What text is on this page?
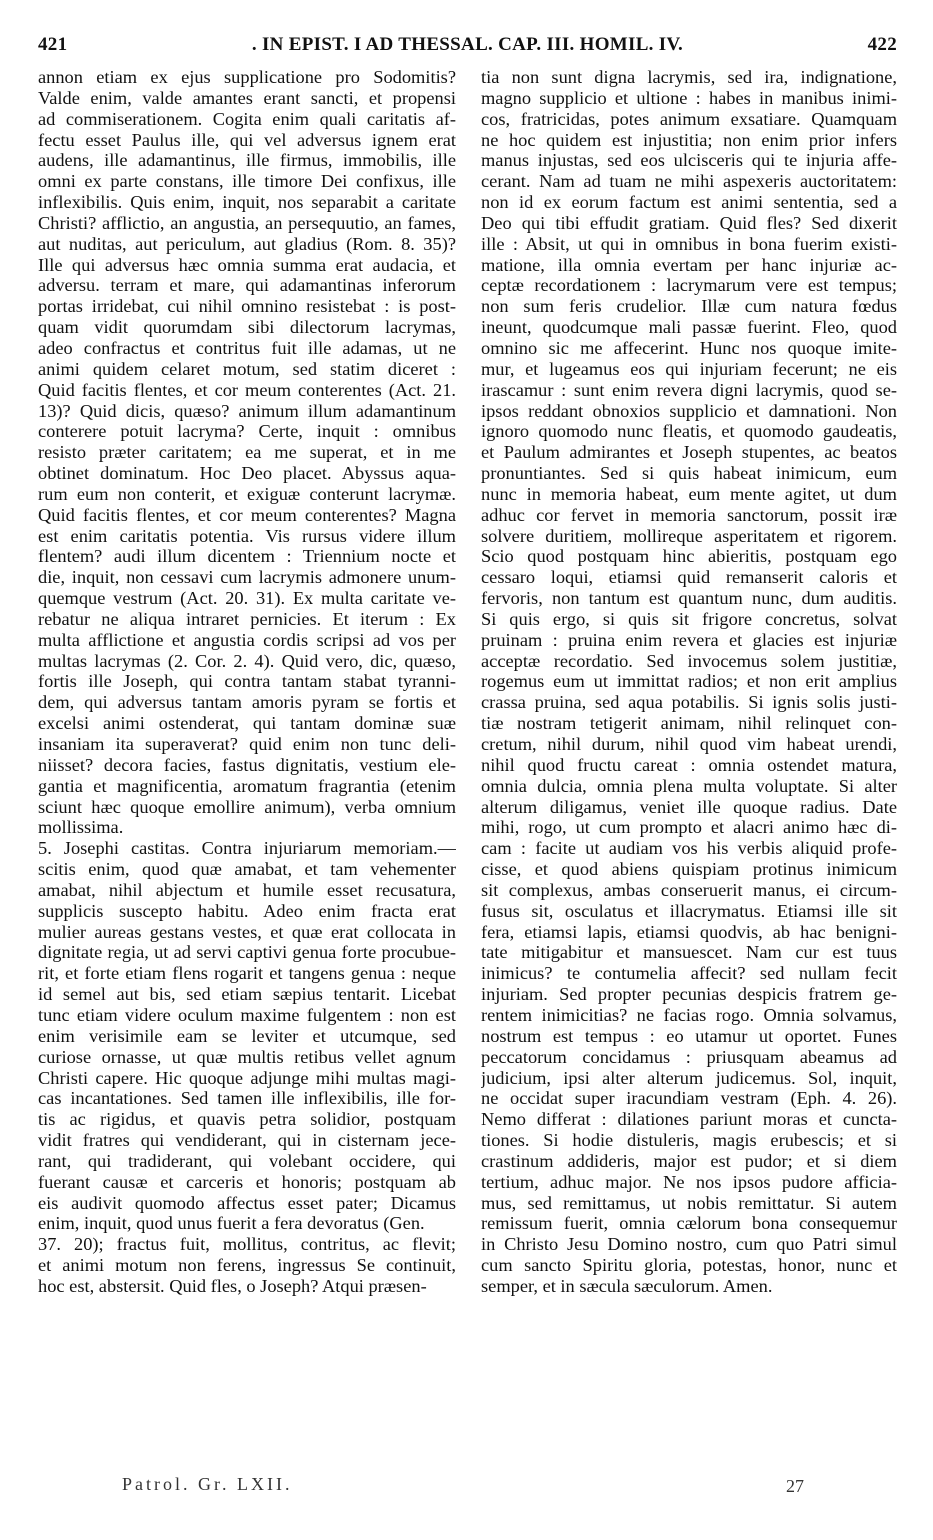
421	. IN EPIST. I AD THESSAL. CAP. III. HOMIL. IV.	422
annon etiam ex ejus supplicatione pro Sodomitis?
Valde enim, valde amantes erant sancti, et propensi
ad commiserationem. Cogita enim quali caritatis af-
fectu esset Paulus ille, qui vel adversus ignem erat
audens, ille adamantinus, ille firmus, immobilis, ille
omni ex parte constans, ille timore Dei confixus, ille
inflexibilis. Quis enim, inquit, nos separabit a caritate
Christi? afflictio, an angustia, an persequutio, an fames,
aut nuditas, aut periculum, aut gladius (Rom. 8. 35)?
Ille qui adversus hæc omnia summa erat audacia, et
adversu. terram et mare, qui adamantinas inferorum
portas irridebat, cui nihil omnino resistebat : is post-
quam vidit quorumdam sibi dilectorum lacrymas,
adeo confractus et contritus fuit ille adamas, ut ne
animi quidem celaret motum, sed statim diceret :
Quid facitis flentes, et cor meum conterentes (Act. 21.
13)? Quid dicis, quæso? animum illum adamantinum
conterere potuit lacryma? Certe, inquit : omnibus
resisto præter caritatem; ea me superat, et in me
obtinet dominatum. Hoc Deo placet. Abyssus aqua-
rum eum non conterit, et exiguæ conterunt lacrymæ.
Quid facitis flentes, et cor meum conterentes? Magna
est enim caritatis potentia. Vis rursus videre illum
flentem? audi illum dicentem : Triennium nocte et
die, inquit, non cessavi cum lacrymis admonere unum-
quemque vestrum (Act. 20. 31). Ex multa caritate ve-
rebatur ne aliqua intraret pernicies. Et iterum : Ex
multa afflictione et angustia cordis scripsi ad vos per
multas lacrymas (2. Cor. 2. 4). Quid vero, dic, quæso,
fortis ille Joseph, qui contra tantam stabat tyranni-
dem, qui adversus tantam amoris pyram se fortis et
excelsi animi ostenderat, qui tantam dominæ suæ
insaniam ita superaverat? quid enim non tunc deli-
niisset? decora facies, fastus dignitatis, vestium ele-
gantia et magnificentia, aromatum fragrantia (etenim
sciunt hæc quoque emollire animum), verba omnium
mollissima.
5. Josephi castitas. Contra injuriarum memoriam.—
scitis enim, quod quæ amabat, et tam vehementer
amabat, nihil abjectum et humile esset recusatura,
supplicis suscepto habitu. Adeo enim fracta erat
mulier aureas gestans vestes, et quæ erat collocata in
dignitate regia, ut ad servi captivi genua forte procubue-
rit, et forte etiam flens rogarit et tangens genua : neque
id semel aut bis, sed etiam sæpius tentarit. Licebat
tunc etiam videre oculum maxime fulgentem : non est
enim verisimile eam se leviter et utcumque, sed
curiose ornasse, ut quæ multis retibus vellet agnum
Christi capere. Hic quoque adjunge mihi multas magi-
cas incantationes. Sed tamen ille inflexibilis, ille for-
tis ac rigidus, et quavis petra solidior, postquam
vidit fratres qui vendiderant, qui in cisternam jece-
rant, qui tradiderant, qui volebant occidere, qui
fuerant causæ et carceris et honoris; postquam ab
eis audivit quomodo affectus esset pater; Dicamus
enim, inquit, quod unus fuerit a fera devoratus (Gen.
37. 20); fractus fuit, mollitus, contritus, ac flevit;
et animi motum non ferens, ingressus Se continuit,
hoc est, abstersit. Quid fles, o Joseph? Atqui præsen-
tia non sunt digna lacrymis, sed ira, indignatione,
magno supplicio et ultione : habes in manibus inimi-
cos, fratricidas, potes animum exsatiare. Quamquam
ne hoc quidem est injustitia; non enim prior infers
manus injustas, sed eos ulcisceris qui te injuria affe-
cerant. Nam ad tuam ne mihi aspexeris auctoritatem:
non id ex eorum factum est animi sententia, sed a
Deo qui tibi effudit gratiam. Quid fles? Sed dixerit
ille : Absit, ut qui in omnibus in bona fuerim existi-
matione, illa omnia evertam per hanc injuriæ ac-
ceptæ recordationem : lacrymarum vere est tempus;
non sum feris crudelior. Illæ cum natura fœdus
ineunt, quodcumque mali passæ fuerint. Fleo, quod
omnino sic me affecerint. Hunc nos quoque imite-
mur, et lugeamus eos qui injuriam fecerunt; ne eis
irascamur : sunt enim revera digni lacrymis, quod se-
ipsos reddant obnoxios supplicio et damnationi. Non
ignoro quomodo nunc fleatis, et quomodo gaudeatis,
et Paulum admirantes et Joseph stupentes, ac beatos
pronuntiantes. Sed si quis habeat inimicum, eum
nunc in memoria habeat, eum mente agitet, ut dum
adhuc cor fervet in memoria sanctorum, possit iræ
solvere duritiem, mollireque asperitatem et rigorem.
Scio quod postquam hinc abieritis, postquam ego
cessaro loqui, etiamsi quid remanserit caloris et
fervoris, non tantum est quantum nunc, dum auditis.
Si quis ergo, si quis sit frigore concretus, solvat
pruinam : pruina enim revera et glacies est injuriæ
acceptæ recordatio. Sed invocemus solem justitiæ,
rogemus eum ut immittat radios; et non erit amplius
crassa pruina, sed aqua potabilis. Si ignis solis justi-
tiæ nostram tetigerit animam, nihil relinquet con-
cretum, nihil durum, nihil quod vim habeat urendi,
nihil quod fructu careat : omnia ostendet matura,
omnia dulcia, omnia plena multa voluptate. Si alter
alterum diligamus, veniet ille quoque radius. Date
mihi, rogo, ut cum prompto et alacri animo hæc di-
cam : facite ut audiam vos his verbis aliquid profe-
cisse, et quod abiens quispiam protinus inimicum
sit complexus, ambas conseruerit manus, ei circum-
fusus sit, osculatus et illacrymatus. Etiamsi ille sit
fera, etiamsi lapis, etiamsi quodvis, ab hac benigni-
tate mitigabitur et mansuescet. Nam cur est tuus
inimicus? te contumelia affecit? sed nullam fecit
injuriam. Sed propter pecunias despicis fratrem ge-
rentem inimicitias? ne facias rogo. Omnia solvamus,
nostrum est tempus : eo utamur ut oportet. Funes
peccatorum concidamus : priusquam abeamus ad
judicium, ipsi alter alterum judicemus. Sol, inquit,
ne occidat super iracundiam vestram (Eph. 4. 26).
Nemo differat : dilationes pariunt moras et cuncta-
tiones. Si hodie distuleris, magis erubescis; et si
crastinum addideris, major est pudor; et si diem
tertium, adhuc major. Ne nos ipsos pudore afficia-
mus, sed remittamus, ut nobis remittatur. Si autem
remissum fuerit, omnia cælorum bona consequemur
in Christo Jesu Domino nostro, cum quo Patri simul
cum sancto Spiritu gloria, potestas, honor, nunc et
semper, et in sæcula sæculorum. Amen.
Patrol. Gr. LXII.	27
